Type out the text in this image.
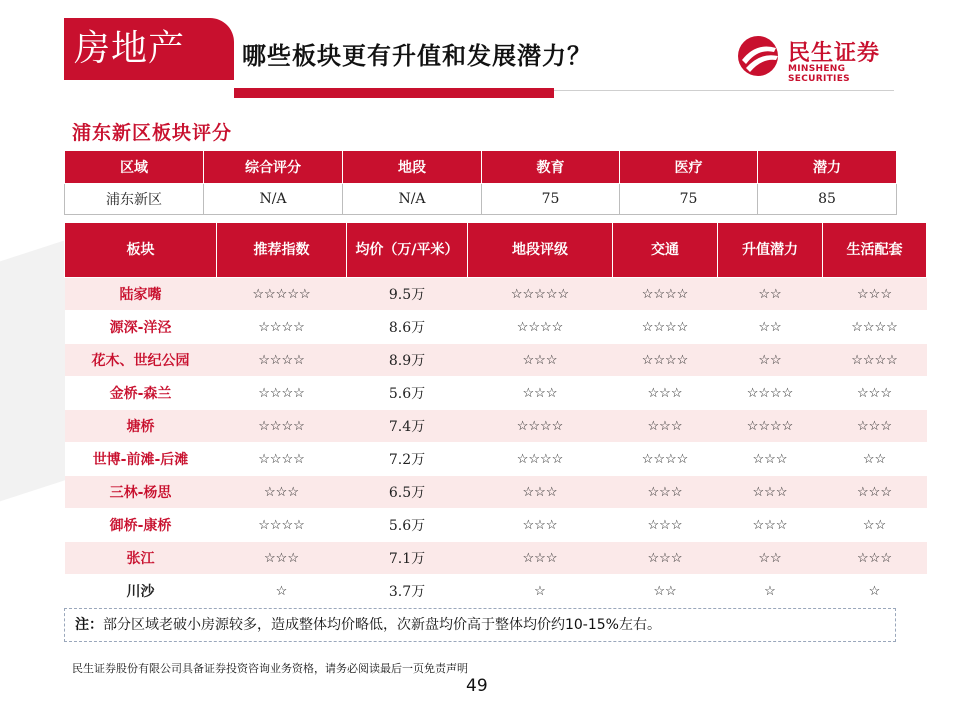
房地产	哪些板块更有升值和发展潜力？	民生证券
MINSHENG SECURITIES
浦东新区板块评分
区域	综合评分	地段	教育	医疗	潜力
浦东新区	N/A	N/A	75	75	85
板块	推荐指数	均价（万/平米）	地段评级	交通	升值潜力	生活配套
陆家嘴	☆☆☆☆☆	9.5万	☆☆☆☆☆	☆☆☆☆	☆☆	☆☆☆
源深-洋泾	☆☆☆☆	8.6万	☆☆☆☆	☆☆☆☆	☆☆	☆☆☆☆
花木、世纪公园	☆☆☆☆	8.9万	☆☆☆	☆☆☆☆	☆☆	☆☆☆☆
金桥-森兰	☆☆☆☆	5.6万	☆☆☆	☆☆☆	☆☆☆☆	☆☆☆
塘桥	☆☆☆☆	7.4万	☆☆☆☆	☆☆☆	☆☆☆☆	☆☆☆
世博-前滩-后滩	☆☆☆☆	7.2万	☆☆☆☆	☆☆☆☆	☆☆☆	☆☆
三林-杨思	☆☆☆	6.5万	☆☆☆	☆☆☆	☆☆☆	☆☆☆
御桥-康桥	☆☆☆☆	5.6万	☆☆☆	☆☆☆	☆☆☆	☆☆
张江	☆☆☆	7.1万	☆☆☆	☆☆☆	☆☆	☆☆☆
川沙	☆	3.7万	☆	☆☆	☆	☆
注：部分区域老破小房源较多，造成整体均价略低，次新盘均价高于整体均价约10-15%左右。
民生证券股份有限公司具备证券投资咨询业务资格，请务必阅读最后一页免责声明
49
